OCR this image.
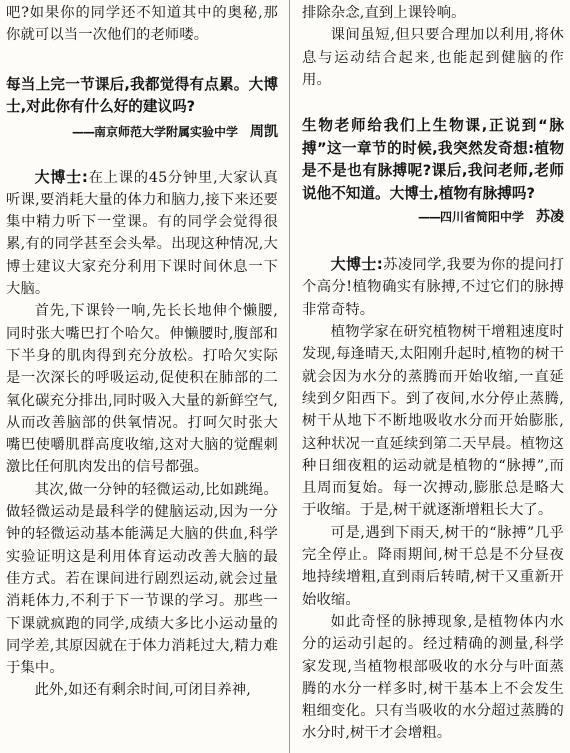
吧?如果你的同学还不知道其中的奥秘,那你就可以当一次他们的老师喽。

每当上完一节课后,我都觉得有点累。大博士,对此你有什么好的建议吗?
——南京师范大学附属实验中学 周凯

大博士:在上课的45分钟里,大家认真听课,要消耗大量的体力和脑力,接下来还要集中精力听下一堂课。有的同学会觉得很累,有的同学甚至会头晕。出现这种情况,大博士建议大家充分利用下课时间休息一下大脑。

首先,下课铃一响,先长长地伸个懒腰,同时张大嘴巴打个哈欠。伸懒腰时,腹部和下半身的肌肉得到充分放松。打哈欠实际是一次深长的呼吸运动,促使积在肺部的二氧化碳充分排出,同时吸入大量的新鲜空气,从而改善脑部的供氧情况。打呵欠时张大嘴巴使嚼肌群高度收缩,这对大脑的觉醒刺激比任何肌肉发出的信号都强。

其次,做一分钟的轻微运动,比如跳绳。做轻微运动是最科学的健脑运动,因为一分钟的轻微运动基本能满足大脑的供血,科学实验证明这是利用体育运动改善大脑的最佳方式。若在课间进行剧烈运动,就会过量消耗体力,不利于下一节课的学习。那些一下课就疯跑的同学,成绩大多比小运动量的同学差,其原因就在于体力消耗过大,精力难于集中。

此外,如还有剩余时间,可闭目养神,

排除杂念,直到上课铃响。

课间虽短,但只要合理加以利用,将休息与运动结合起来,也能起到健脑的作用。

生物老师给我们上生物课,正说到“脉搏”这一章节的时候,我突然发奇想:植物是不是也有脉搏呢?课后,我问老师,老师说他不知道。大博士,植物有脉搏吗?
——四川省简阳中学 苏凌

大博士:苏凌同学,我要为你的提问打个高分!植物确实有脉搏,不过它们的脉搏非常奇特。

植物学家在研究植物树干增粗速度时发现,每逢晴天,太阳刚升起时,植物的树干就会因为水分的蒸腾而开始收缩,一直延续到夕阳西下。到了夜间,水分停止蒸腾,树干从地下不断地吸收水分而开始膨胀,这种状况一直延续到第二天早晨。植物这种日细夜粗的运动就是植物的“脉搏”,而且周而复始。每一次搏动,膨胀总是略大于收缩。于是,树干就逐渐增粗长大了。

可是,遇到下雨天,树干的“脉搏”几乎完全停止。降雨期间,树干总是不分昼夜地持续增粗,直到雨后转晴,树干又重新开始收缩。

如此奇怪的脉搏现象,是植物体内水分的运动引起的。经过精确的测量,科学家发现,当植物根部吸收的水分与叶面蒸腾的水分一样多时,树干基本上不会发生粗细变化。只有当吸收的水分超过蒸腾的水分时,树干才会增粗。
